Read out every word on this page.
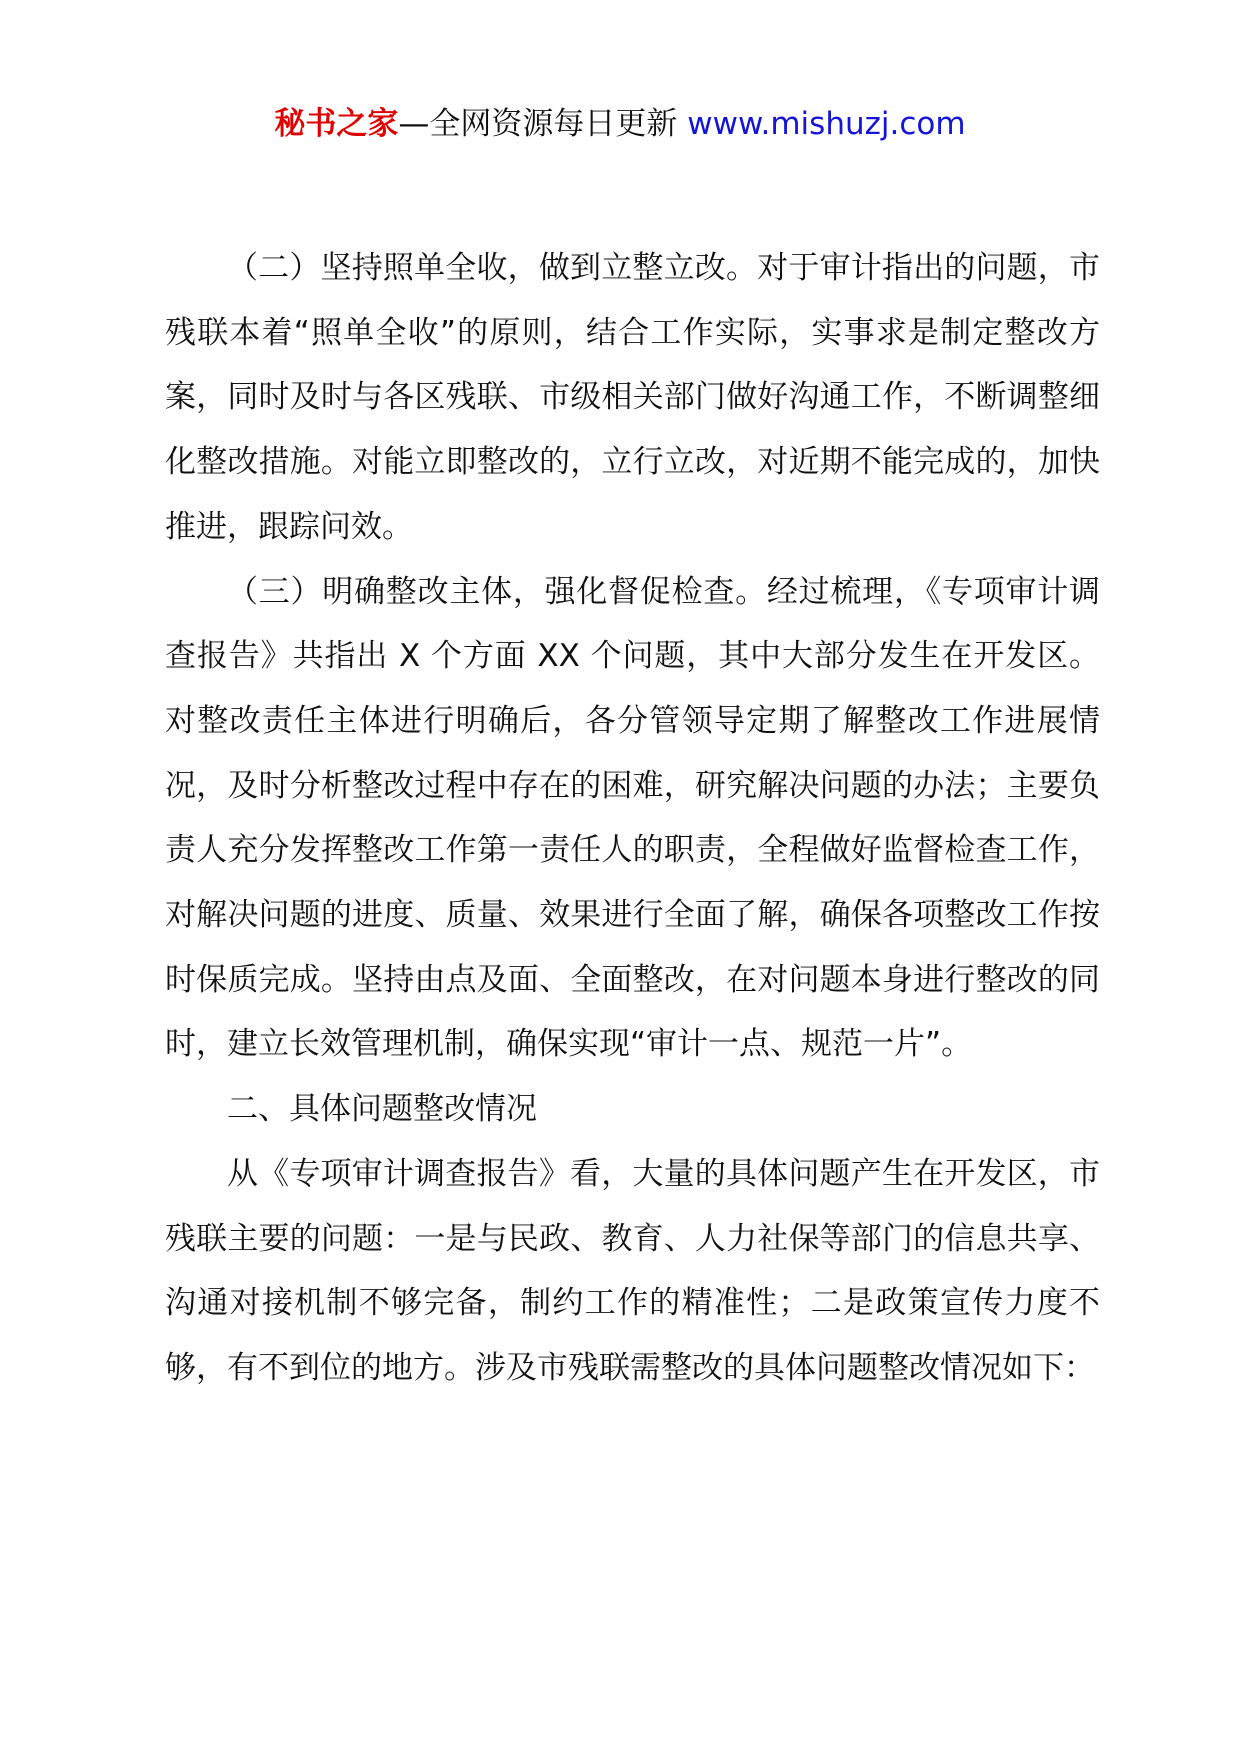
秘书之家—全网资源每日更新 www.mishuzj.com

（二）坚持照单全收，做到立整立改。对于审计指出的问题，市残联本着“照单全收”的原则，结合工作实际，实事求是制定整改方案，同时及时与各区残联、市级相关部门做好沟通工作，不断调整细化整改措施。对能立即整改的，立行立改，对近期不能完成的，加快推进，跟踪问效。

（三）明确整改主体，强化督促检查。经过梳理，《专项审计调查报告》共指出 X 个方面 XX 个问题，其中大部分发生在开发区。对整改责任主体进行明确后，各分管领导定期了解整改工作进展情况，及时分析整改过程中存在的困难，研究解决问题的办法；主要负责人充分发挥整改工作第一责任人的职责，全程做好监督检查工作，对解决问题的进度、质量、效果进行全面了解，确保各项整改工作按时保质完成。坚持由点及面、全面整改，在对问题本身进行整改的同时，建立长效管理机制，确保实现“审计一点、规范一片”。

二、具体问题整改情况

从《专项审计调查报告》看，大量的具体问题产生在开发区，市残联主要的问题：一是与民政、教育、人力社保等部门的信息共享、沟通对接机制不够完备，制约工作的精准性；二是政策宣传力度不够，有不到位的地方。涉及市残联需整改的具体问题整改情况如下：
